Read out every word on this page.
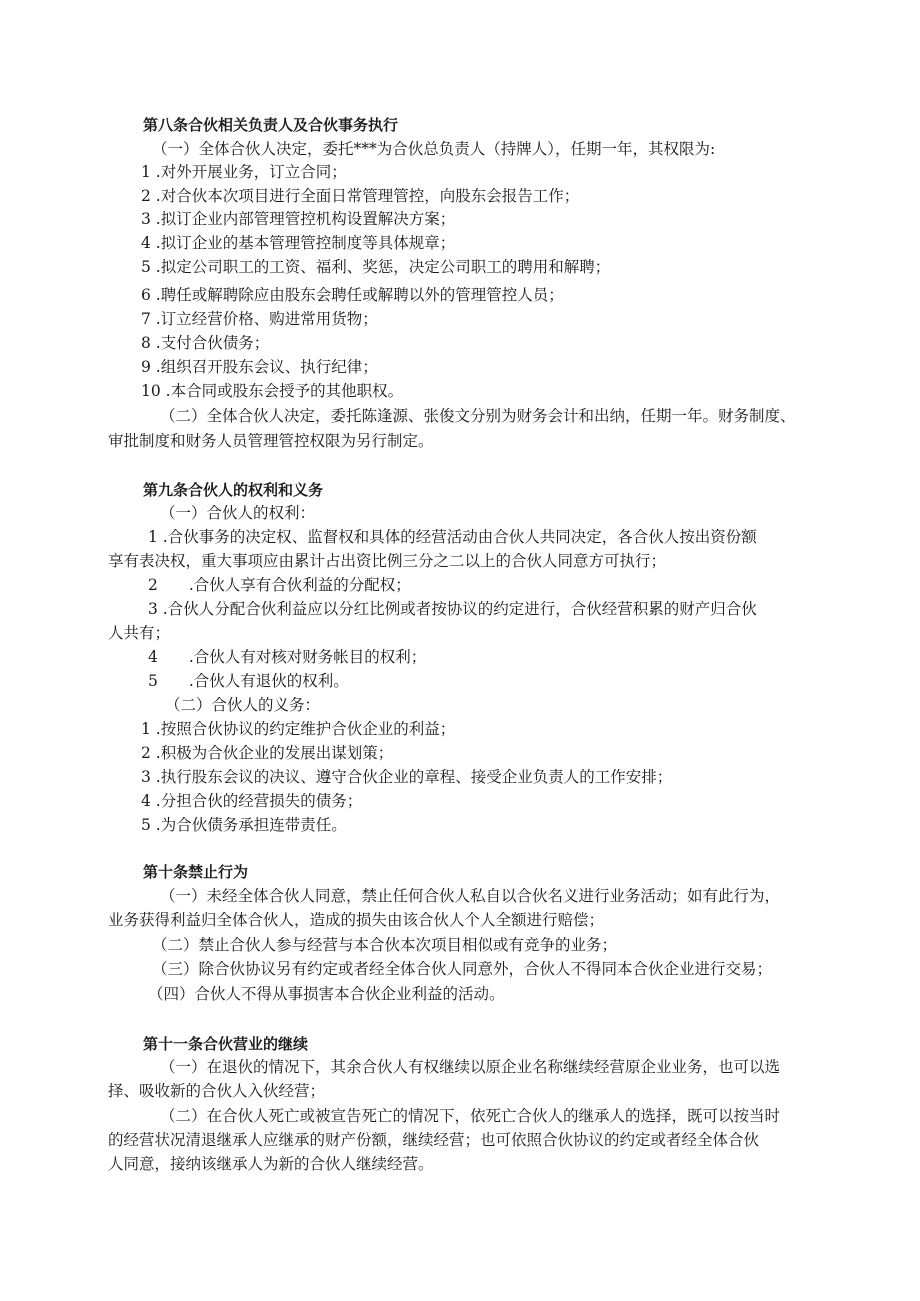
第八条合伙相关负责人及合伙事务执行
（一）全体合伙人决定，委托***为合伙总负责人（持牌人），任期一年，其权限为:
1 .对外开展业务，订立合同；
2 .对合伙本次项目进行全面日常管理管控，向股东会报告工作；
3 .拟订企业内部管理管控机构设置解决方案；
4 .拟订企业的基本管理管控制度等具体规章；
5 .拟定公司职工的工资、福利、奖惩，决定公司职工的聘用和解聘；
6 .聘任或解聘除应由股东会聘任或解聘以外的管理管控人员；
7 .订立经营价格、购进常用货物；
8 .支付合伙债务；
9 .组织召开股东会议、执行纪律；
10 .本合同或股东会授予的其他职权。
（二）全体合伙人决定，委托陈逢源、张俊文分别为财务会计和出纳，任期一年。财务制度、
审批制度和财务人员管理管控权限为另行制定。
第九条合伙人的权利和义务
（一）合伙人的权利：
1 .合伙事务的决定权、监督权和具体的经营活动由合伙人共同决定，各合伙人按出资份额
享有表决权，重大事项应由累计占出资比例三分之二以上的合伙人同意方可执行；
2　　.合伙人享有合伙利益的分配权；
3 .合伙人分配合伙利益应以分红比例或者按协议的约定进行，合伙经营积累的财产归合伙
人共有；
4　　.合伙人有对核对财务帐目的权利；
5　　.合伙人有退伙的权利。
（二）合伙人的义务：
1 .按照合伙协议的约定维护合伙企业的利益；
2 .积极为合伙企业的发展出谋划策；
3 .执行股东会议的决议、遵守合伙企业的章程、接受企业负责人的工作安排；
4 .分担合伙的经营损失的债务；
5 .为合伙债务承担连带责任。
第十条禁止行为
（一）未经全体合伙人同意，禁止任何合伙人私自以合伙名义进行业务活动；如有此行为，
业务获得利益归全体合伙人，造成的损失由该合伙人个人全额进行赔偿；
（二）禁止合伙人参与经营与本合伙本次项目相似或有竞争的业务；
（三）除合伙协议另有约定或者经全体合伙人同意外，合伙人不得同本合伙企业进行交易；
（四）合伙人不得从事损害本合伙企业利益的活动。
第十一条合伙营业的继续
（一）在退伙的情况下，其余合伙人有权继续以原企业名称继续经营原企业业务，也可以选
择、吸收新的合伙人入伙经营；
（二）在合伙人死亡或被宣告死亡的情况下，依死亡合伙人的继承人的选择，既可以按当时
的经营状况清退继承人应继承的财产份额，继续经营；也可依照合伙协议的约定或者经全体合伙
人同意，接纳该继承人为新的合伙人继续经营。
